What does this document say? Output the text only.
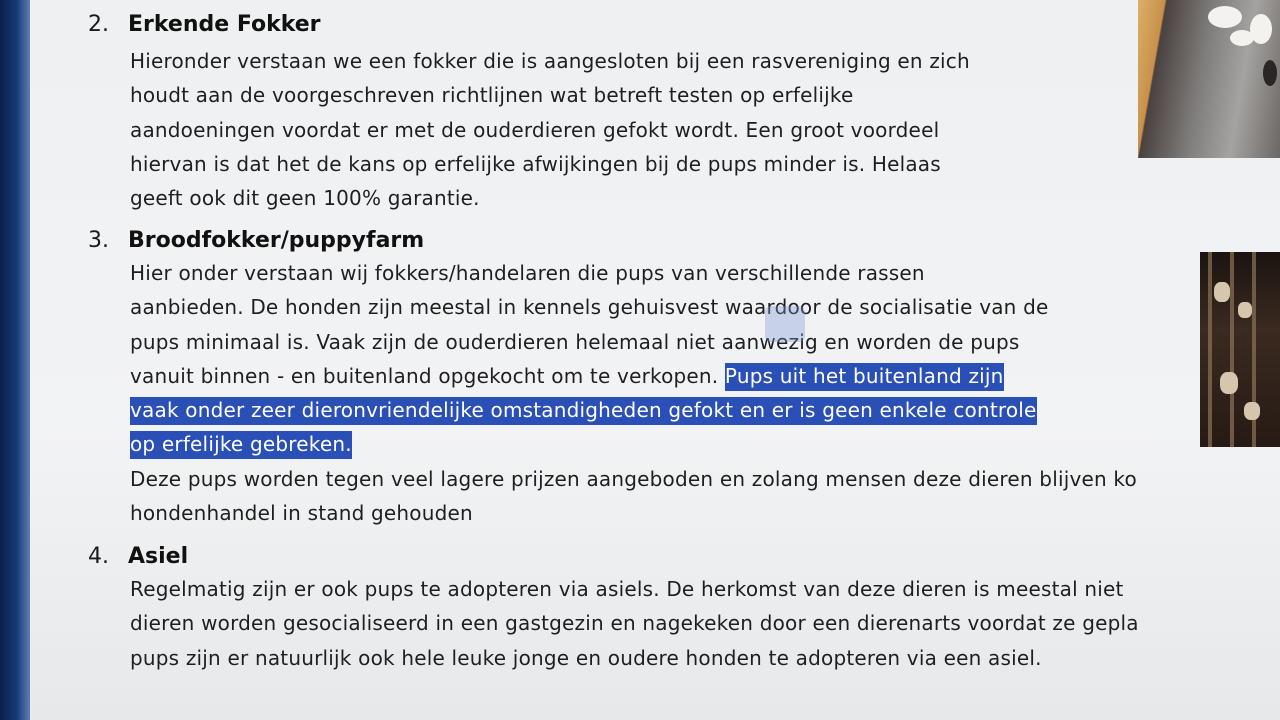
2. Erkende Fokker

Hieronder verstaan we een fokker die is aangesloten bij een rasvereniging en zich
houdt aan de voorgeschreven richtlijnen wat betreft testen op erfelijke
aandoeningen voordat er met de ouderdieren gefokt wordt. Een groot voordeel
hiervan is dat het de kans op erfelijke afwijkingen bij de pups minder is. Helaas
geeft ook dit geen 100% garantie.

3. Broodfokker/puppyfarm

Hier onder verstaan wij fokkers/handelaren die pups van verschillende rassen
aanbieden. De honden zijn meestal in kennels gehuisvest waardoor de socialisatie van de
pups minimaal is. Vaak zijn de ouderdieren helemaal niet aanwezig en worden de pups
vanuit binnen - en buitenland opgekocht om te verkopen. Pups uit het buitenland zijn
vaak onder zeer dieronvriendelijke omstandigheden gefokt en er is geen enkele controle
op erfelijke gebreken.
Deze pups worden tegen veel lagere prijzen aangeboden en zolang mensen deze dieren blijven ko
hondenhandel in stand gehouden

4. Asiel

Regelmatig zijn er ook pups te adopteren via asiels. De herkomst van deze dieren is meestal niet
dieren worden gesocialiseerd in een gastgezin en nagekeken door een dierenarts voordat ze gepla
pups zijn er natuurlijk ook hele leuke jonge en oudere honden te adopteren via een asiel.
